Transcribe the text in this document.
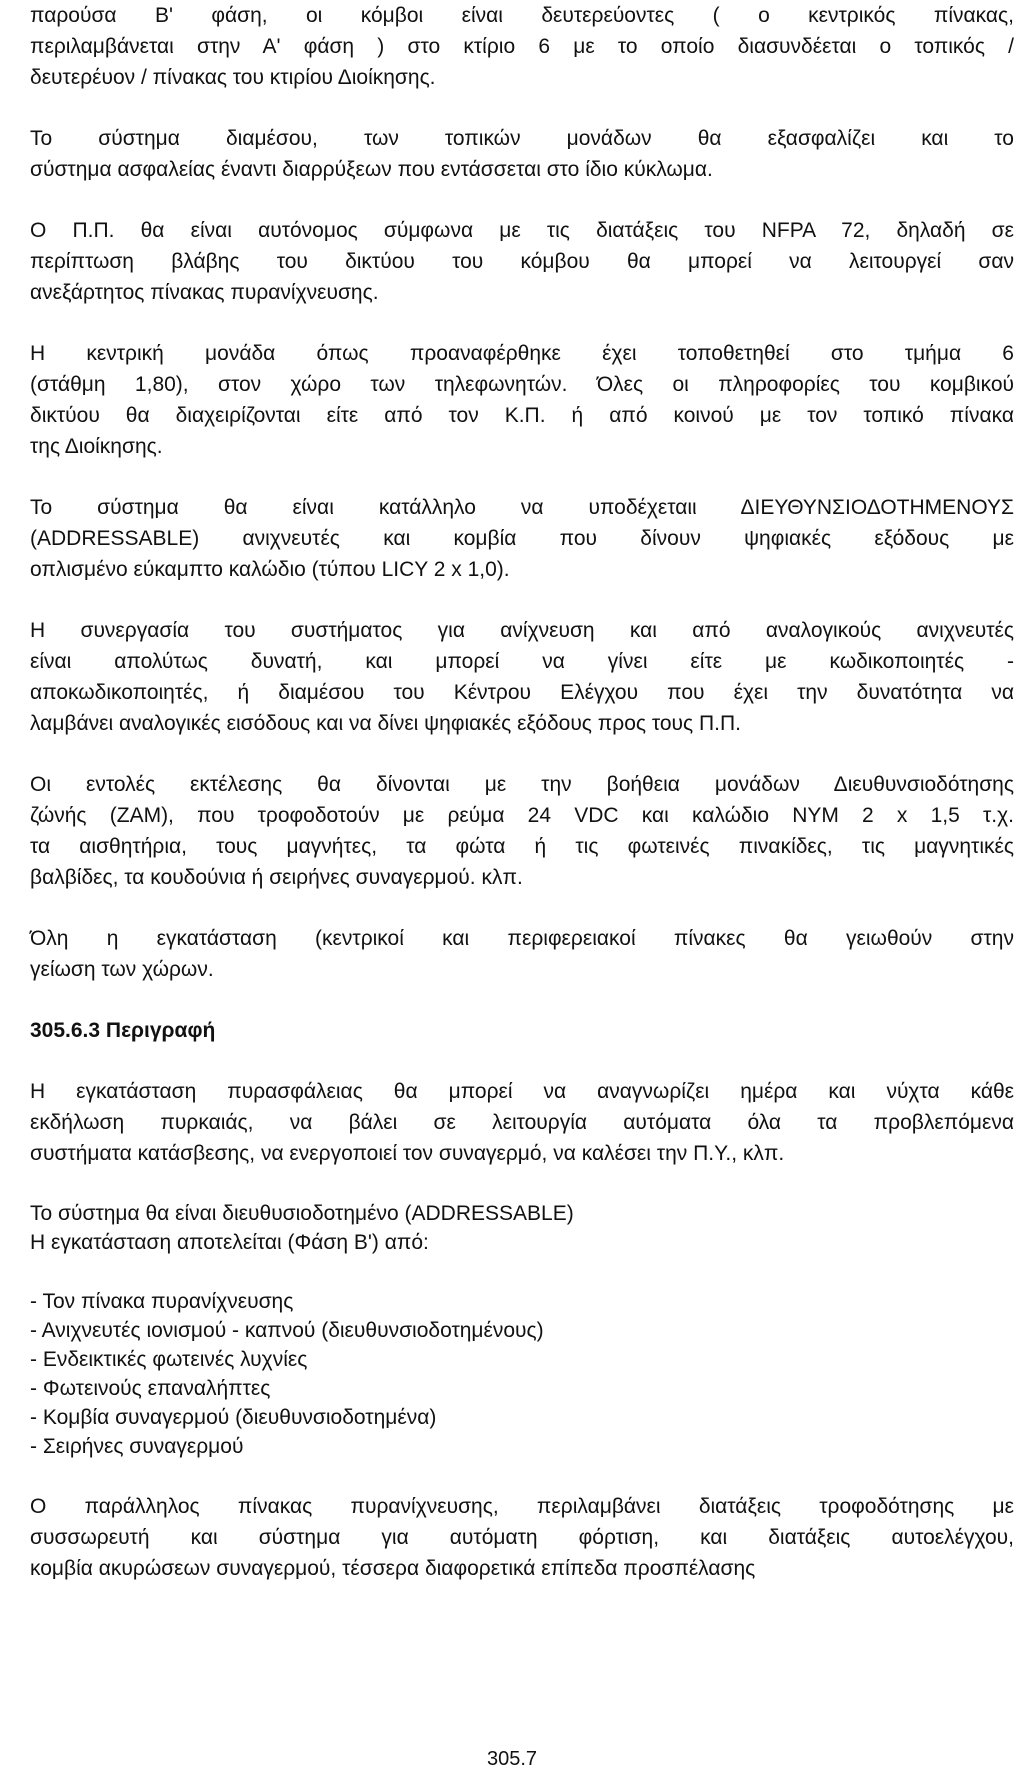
παρούσα Β' φάση, οι κόμβοι είναι δευτερεύοντες ( ο κεντρικός πίνακας,
περιλαμβάνεται στην Α' φάση ) στο κτίριο 6 με το οποίο διασυνδέεται ο τοπικός /
δευτερέυον / πίνακας του κτιρίου Διοίκησης.
Το σύστημα διαμέσου, των τοπικών μονάδων θα εξασφαλίζει και το
σύστημα ασφαλείας έναντι διαρρύξεων που εντάσσεται στο ίδιο κύκλωμα.
Ο Π.Π. θα είναι αυτόνομος σύμφωνα με τις διατάξεις του NFPA 72, δηλαδή σε
περίπτωση βλάβης του δικτύου του κόμβου θα μπορεί να λειτουργεί σαν
ανεξάρτητος πίνακας πυρανίχνευσης.
Η κεντρική μονάδα όπως προαναφέρθηκε έχει τοποθετηθεί στο τμήμα 6
(στάθμη 1,80), στον χώρο των τηλεφωνητών. Όλες οι πληροφορίες του κομβικού
δικτύου θα διαχειρίζονται είτε από τον Κ.Π. ή από κοινού με τον τοπικό πίνακα
της Διοίκησης.
Το σύστημα θα είναι κατάλληλο να υποδέχεταιι ΔΙΕΥΘΥΝΣΙΟΔΟΤΗΜΕΝΟΥΣ
(ADDRESSABLE) ανιχνευτές και κομβία που δίνουν ψηφιακές εξόδους με
οπλισμένο εύκαμπτο καλώδιο (τύπου LICY 2 x 1,0).
Η συνεργασία του συστήματος για ανίχνευση και από αναλογικούς ανιχνευτές
είναι απολύτως δυνατή, και μπορεί να γίνει είτε με κωδικοποιητές -
αποκωδικοποιητές, ή διαμέσου του Κέντρου Ελέγχου που έχει την δυνατότητα να
λαμβάνει αναλογικές εισόδους και να δίνει ψηφιακές εξόδους προς τους Π.Π.
Οι εντολές εκτέλεσης θα δίνονται με την βοήθεια μονάδων Διευθυνσιοδότησης
ζώνής (ΖΑΜ), που τροφοδοτούν με ρεύμα 24 VDC και καλώδιο ΝΥΜ 2 x 1,5 τ.χ.
τα αισθητήρια, τους μαγνήτες, τα φώτα ή τις φωτεινές πινακίδες, τις μαγνητικές
βαλβίδες, τα κουδούνια ή σειρήνες συναγερμού. κλπ.
Όλη η εγκατάσταση (κεντρικοί και περιφερειακοί πίνακες θα γειωθούν στην
γείωση των χώρων.
305.6.3 Περιγραφή
Η εγκατάσταση πυρασφάλειας θα μπορεί να αναγνωρίζει ημέρα και νύχτα κάθε
εκδήλωση πυρκαιάς, να βάλει σε λειτουργία αυτόματα όλα τα προβλεπόμενα
συστήματα κατάσβεσης, να ενεργοποιεί τον συναγερμό, να καλέσει την Π.Υ., κλπ.
Το σύστημα θα είναι διευθυσιοδοτημένο (ADDRESSABLE)
Η εγκατάσταση αποτελείται (Φάση Β') από:
- Τον πίνακα πυρανίχνευσης
- Ανιχνευτές ιονισμού - καπνού (διευθυνσιοδοτημένους)
- Ενδεικτικές φωτεινές λυχνίες
- Φωτεινούς επαναλήπτες
- Κομβία συναγερμού (διευθυνσιοδοτημένα)
- Σειρήνες συναγερμού
Ο παράλληλος πίνακας πυρανίχνευσης, περιλαμβάνει διατάξεις τροφοδότησης με
συσσωρευτή και σύστημα για αυτόματη φόρτιση, και διατάξεις αυτοελέγχου,
κομβία ακυρώσεων συναγερμού, τέσσερα διαφορετικά επίπεδα προσπέλασης
305.7
